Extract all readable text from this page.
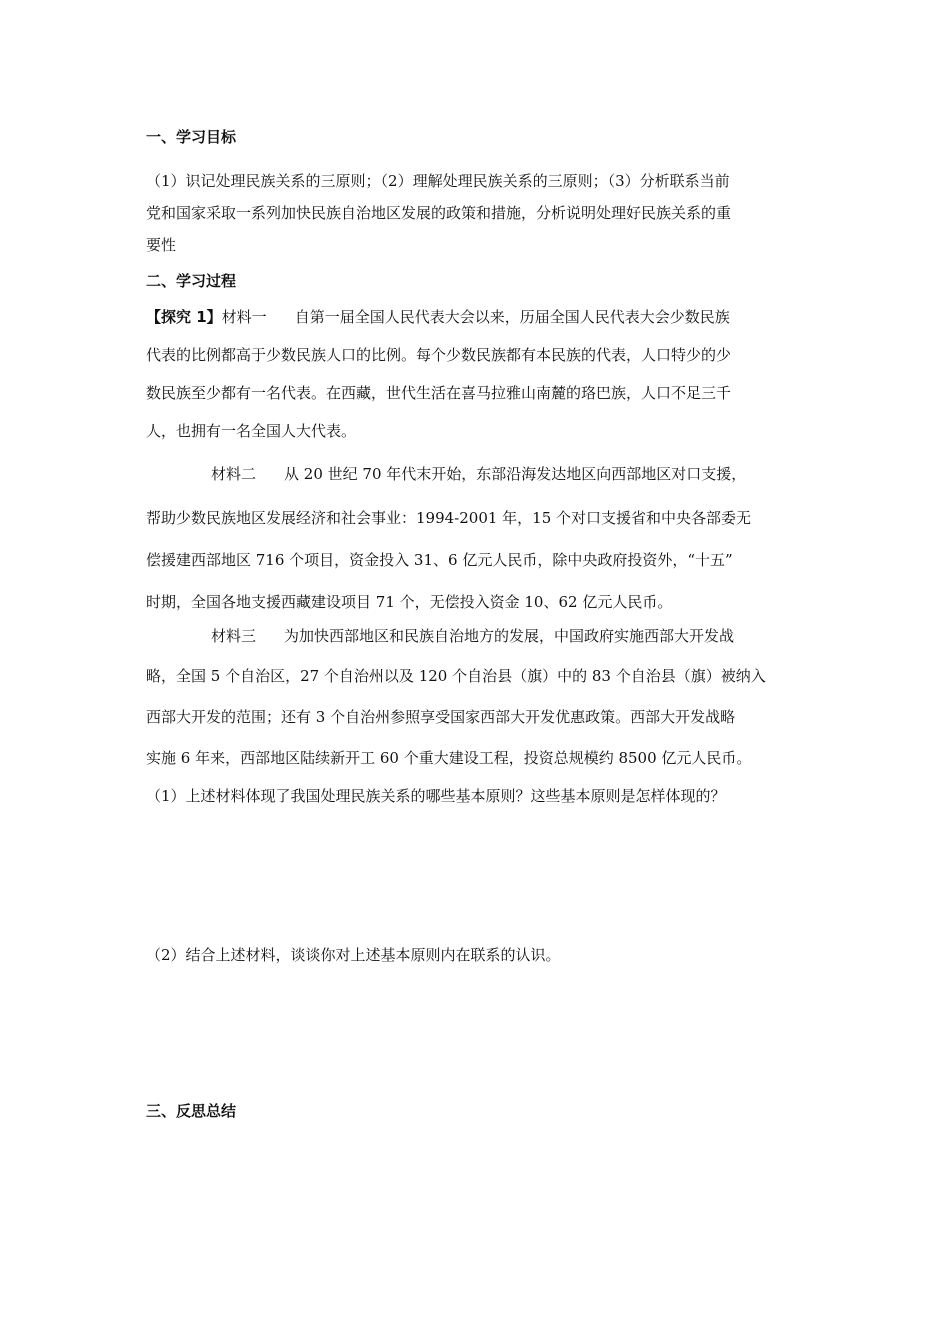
一、学习目标
（1）识记处理民族关系的三原则；（2）理解处理民族关系的三原则；（3）分析联系当前
党和国家采取一系列加快民族自治地区发展的政策和措施，分析说明处理好民族关系的重
要性
二、学习过程
【探究 1】材料一 自第一届全国人民代表大会以来，历届全国人民代表大会少数民族
代表的比例都高于少数民族人口的比例。每个少数民族都有本民族的代表，人口特少的少
数民族至少都有一名代表。在西藏，世代生活在喜马拉雅山南麓的珞巴族，人口不足三千
人，也拥有一名全国人大代表。
材料二 从 20 世纪 70 年代末开始，东部沿海发达地区向西部地区对口支援，
帮助少数民族地区发展经济和社会事业：1994-2001 年，15 个对口支援省和中央各部委无
偿援建西部地区 716 个项目，资金投入 31、6 亿元人民币，除中央政府投资外，“十五”
时期，全国各地支援西藏建设项目 71 个，无偿投入资金 10、62 亿元人民币。
材料三 为加快西部地区和民族自治地方的发展，中国政府实施西部大开发战
略，全国 5 个自治区，27 个自治州以及 120 个自治县（旗）中的 83 个自治县（旗）被纳入
西部大开发的范围；还有 3 个自治州参照享受国家西部大开发优惠政策。西部大开发战略
实施 6 年来，西部地区陆续新开工 60 个重大建设工程，投资总规模约 8500 亿元人民币。
（1）上述材料体现了我国处理民族关系的哪些基本原则？这些基本原则是怎样体现的？
（2）结合上述材料，谈谈你对上述基本原则内在联系的认识。
三、反思总结
